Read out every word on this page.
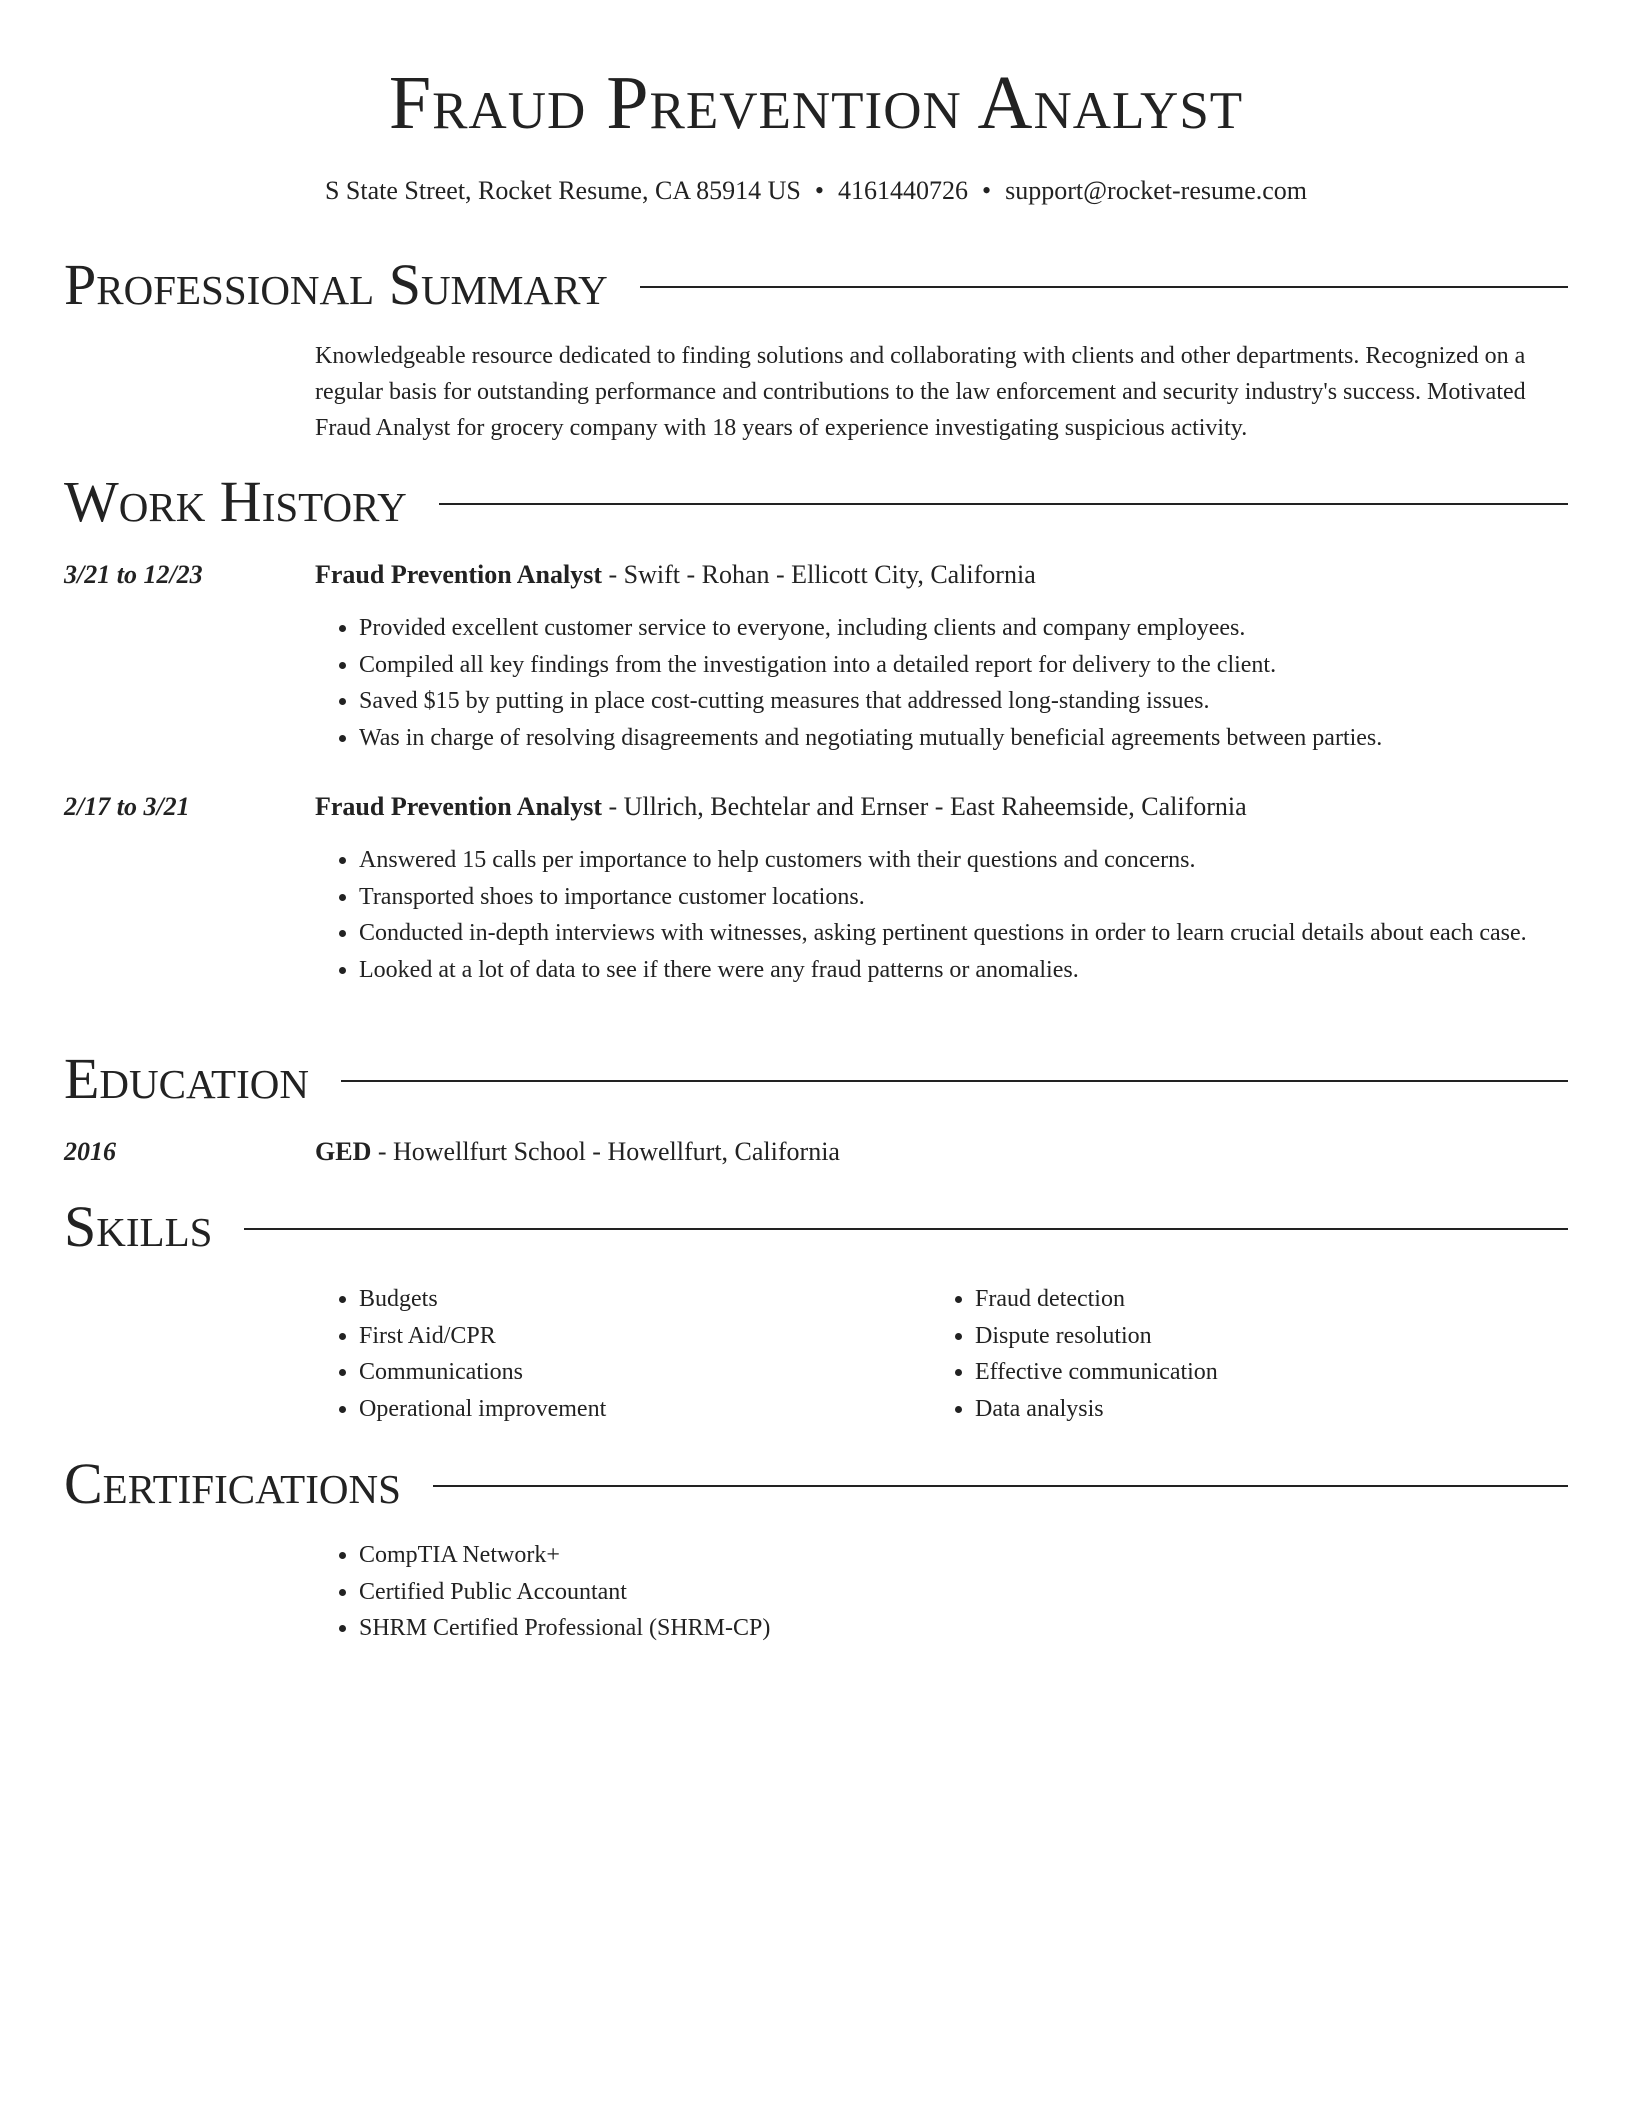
Fraud Prevention Analyst
S State Street, Rocket Resume, CA 85914 US • 4161440726 • support@rocket-resume.com
Professional Summary

Knowledgeable resource dedicated to finding solutions and collaborating with clients and other departments. Recognized on a regular basis for outstanding performance and contributions to the law enforcement and security industry's success. Motivated Fraud Analyst for grocery company with 18 years of experience investigating suspicious activity.

Work History
3/21 to 12/23	Fraud Prevention Analyst - Swift - Rohan - Ellicott City, California
• Provided excellent customer service to everyone, including clients and company employees.
• Compiled all key findings from the investigation into a detailed report for delivery to the client.
• Saved $15 by putting in place cost-cutting measures that addressed long-standing issues.
• Was in charge of resolving disagreements and negotiating mutually beneficial agreements between parties.
2/17 to 3/21	Fraud Prevention Analyst - Ullrich, Bechtelar and Ernser - East Raheemside, California
• Answered 15 calls per importance to help customers with their questions and concerns.
• Transported shoes to importance customer locations.
• Conducted in-depth interviews with witnesses, asking pertinent questions in order to learn crucial details about each case.
• Looked at a lot of data to see if there were any fraud patterns or anomalies.
Education
2016	GED - Howellfurt School - Howellfurt, California
Skills
• Budgets
• First Aid/CPR
• Communications
• Operational improvement
• Fraud detection
• Dispute resolution
• Effective communication
• Data analysis
Certifications
• CompTIA Network+
• Certified Public Accountant
• SHRM Certified Professional (SHRM-CP)
